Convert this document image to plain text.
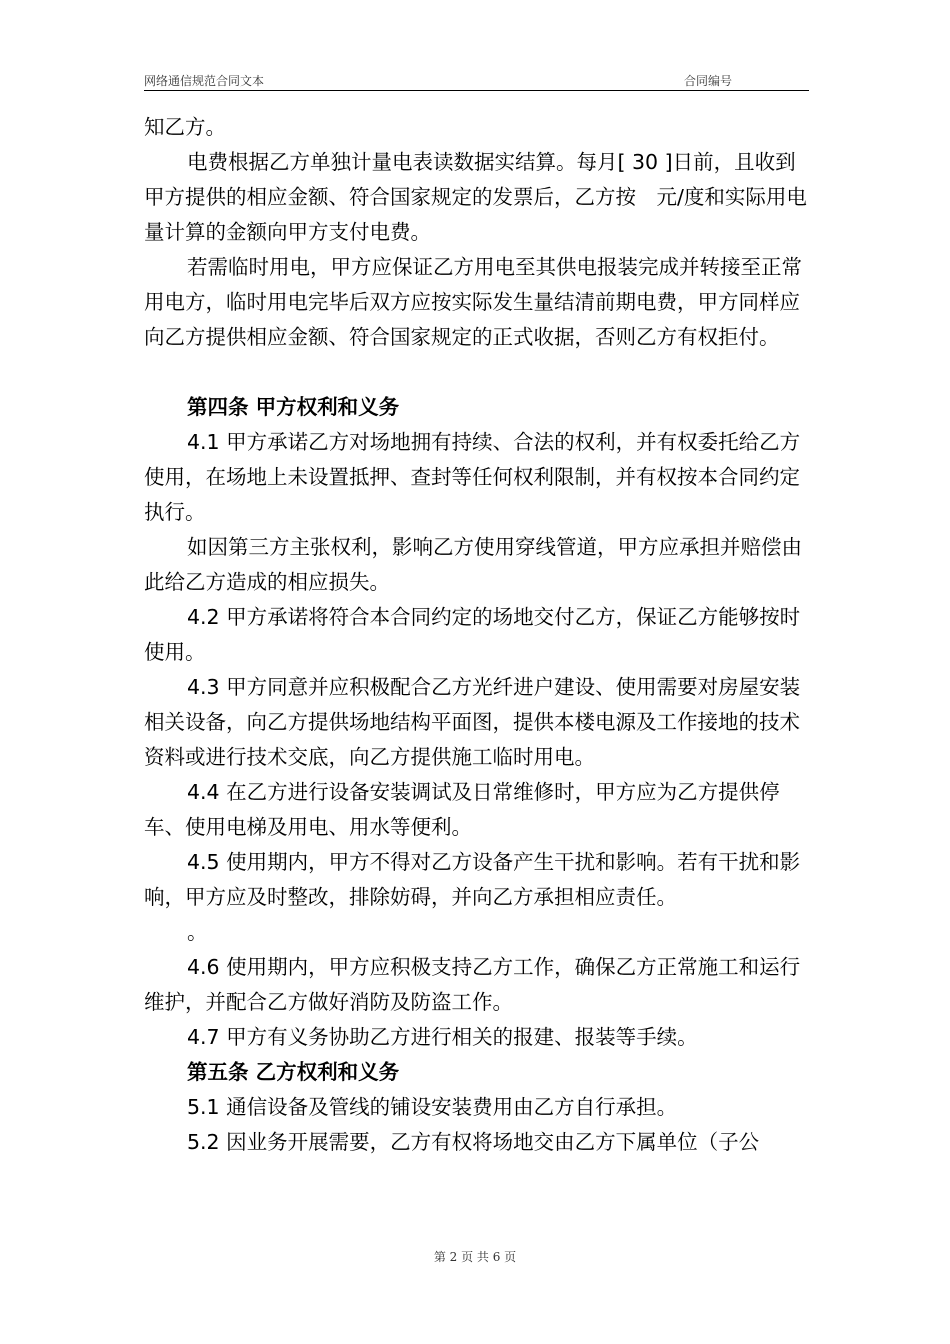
网络通信规范合同文本	合同编号

知乙方。

电费根据乙方单独计量电表读数据实结算。每月[ 30 ]日前，且收到甲方提供的相应金额、符合国家规定的发票后，乙方按　元/度和实际用电量计算的金额向甲方支付电费。

若需临时用电，甲方应保证乙方用电至其供电报装完成并转接至正常用电方，临时用电完毕后双方应按实际发生量结清前期电费，甲方同样应向乙方提供相应金额、符合国家规定的正式收据，否则乙方有权拒付。

第四条 甲方权利和义务

4.1 甲方承诺乙方对场地拥有持续、合法的权利，并有权委托给乙方使用，在场地上未设置抵押、查封等任何权利限制，并有权按本合同约定执行。

如因第三方主张权利，影响乙方使用穿线管道，甲方应承担并赔偿由此给乙方造成的相应损失。

4.2 甲方承诺将符合本合同约定的场地交付乙方，保证乙方能够按时使用。

4.3 甲方同意并应积极配合乙方光纤进户建设、使用需要对房屋安装相关设备，向乙方提供场地结构平面图，提供本楼电源及工作接地的技术资料或进行技术交底，向乙方提供施工临时用电。

4.4 在乙方进行设备安装调试及日常维修时，甲方应为乙方提供停车、使用电梯及用电、用水等便利。

4.5 使用期内，甲方不得对乙方设备产生干扰和影响。若有干扰和影响，甲方应及时整改，排除妨碍，并向乙方承担相应责任。

。

4.6 使用期内，甲方应积极支持乙方工作，确保乙方正常施工和运行维护，并配合乙方做好消防及防盗工作。

4.7 甲方有义务协助乙方进行相关的报建、报装等手续。

第五条 乙方权利和义务

5.1 通信设备及管线的铺设安装费用由乙方自行承担。

5.2 因业务开展需要，乙方有权将场地交由乙方下属单位（子公

第 2 页 共 6 页
